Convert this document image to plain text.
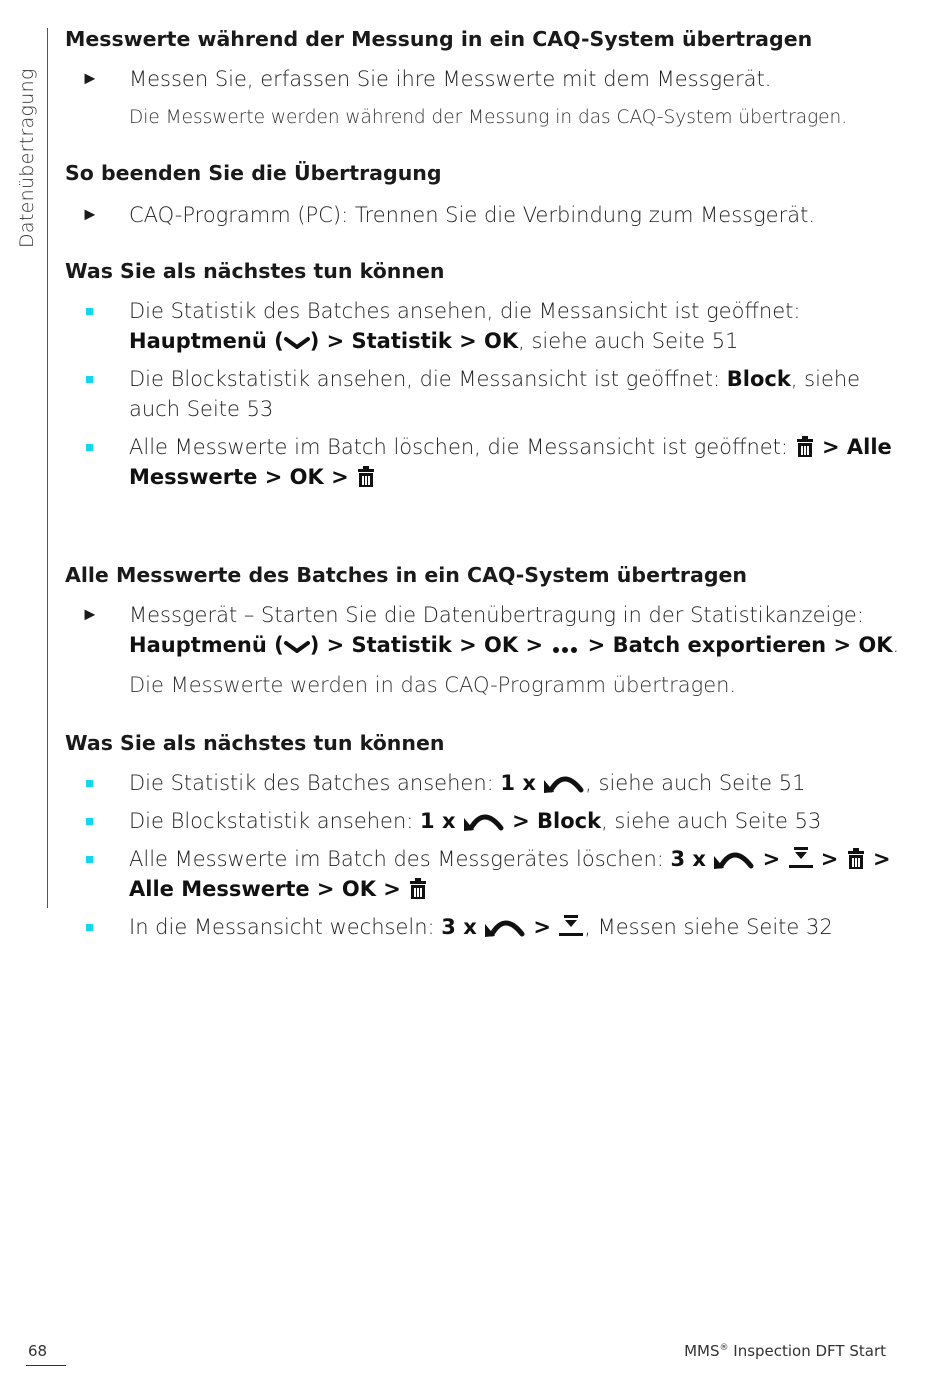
Datenübertragung
Messwerte während der Messung in ein CAQ-System übertragen
► Messen Sie, erfassen Sie ihre Messwerte mit dem Messgerät.
Die Messwerte werden während der Messung in das CAQ-System übertragen.
So beenden Sie die Übertragung
► CAQ-Programm (PC): Trennen Sie die Verbindung zum Messgerät.
Was Sie als nächstes tun können
Die Statistik des Batches ansehen, die Messansicht ist geöffnet:
Hauptmenü ( ) > Statistik > OK, siehe auch Seite 51
Die Blockstatistik ansehen, die Messansicht ist geöffnet: Block, siehe auch Seite 53
Alle Messwerte im Batch löschen, die Messansicht ist geöffnet:  > Alle Messwerte > OK >
Alle Messwerte des Batches in ein CAQ-System übertragen
► Messgerät – Starten Sie die Datenübertragung in der Statistikanzeige:
Hauptmenü ( ) > Statistik > OK >  > Batch exportieren > OK.
Die Messwerte werden in das CAQ-Programm übertragen.
Was Sie als nächstes tun können
Die Statistik des Batches ansehen: 1 x , siehe auch Seite 51
Die Blockstatistik ansehen: 1 x  > Block, siehe auch Seite 53
Alle Messwerte im Batch des Messgerätes löschen: 3 x  >  >  > Alle Messwerte > OK >
In die Messansicht wechseln: 3 x  > , Messen siehe Seite 32
68	MMS® Inspection DFT Start
